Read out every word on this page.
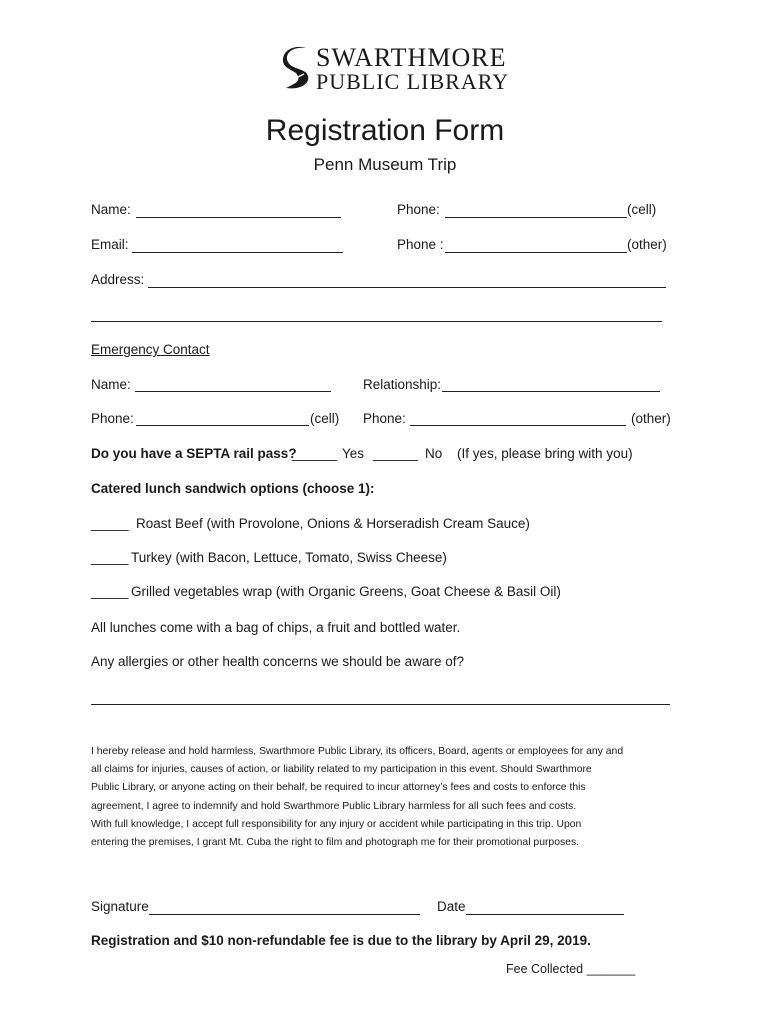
SWARTHMORE
PUBLIC LIBRARY
Registration Form
Penn Museum Trip
Name:	Phone:	(cell)
Email:	Phone :	(other)
Address:
Emergency Contact
Name:	Relationship:
Phone:	(cell) Phone:	(other)
Do you have a SEPTA rail pass?
______ Yes ______ No (If yes, please bring with you)
Catered lunch sandwich options (choose 1):
_____ Roast Beef (with Provolone, Onions & Horseradish Cream Sauce)
_____ Turkey (with Bacon, Lettuce, Tomato, Swiss Cheese)
_____ Grilled vegetables wrap (with Organic Greens, Goat Cheese & Basil Oil)
All lunches come with a bag of chips, a fruit and bottled water.
Any allergies or other health concerns we should be aware of?
I hereby release and hold harmless, Swarthmore Public Library, its officers, Board, agents or employees for any and
all claims for injuries, causes of action, or liability related to my participation in this event. Should Swarthmore
Public Library, or anyone acting on their behalf, be required to incur attorney’s fees and costs to enforce this
agreement, I agree to indemnify and hold Swarthmore Public Library harmless for all such fees and costs.
With full knowledge, I accept full responsibility for any injury or accident while participating in this trip. Upon
entering the premises, I grant Mt. Cuba the right to film and photograph me for their promotional purposes.
Signature	Date
Registration and $10 non-refundable fee is due to the library by April 29, 2019.
Fee Collected _______
